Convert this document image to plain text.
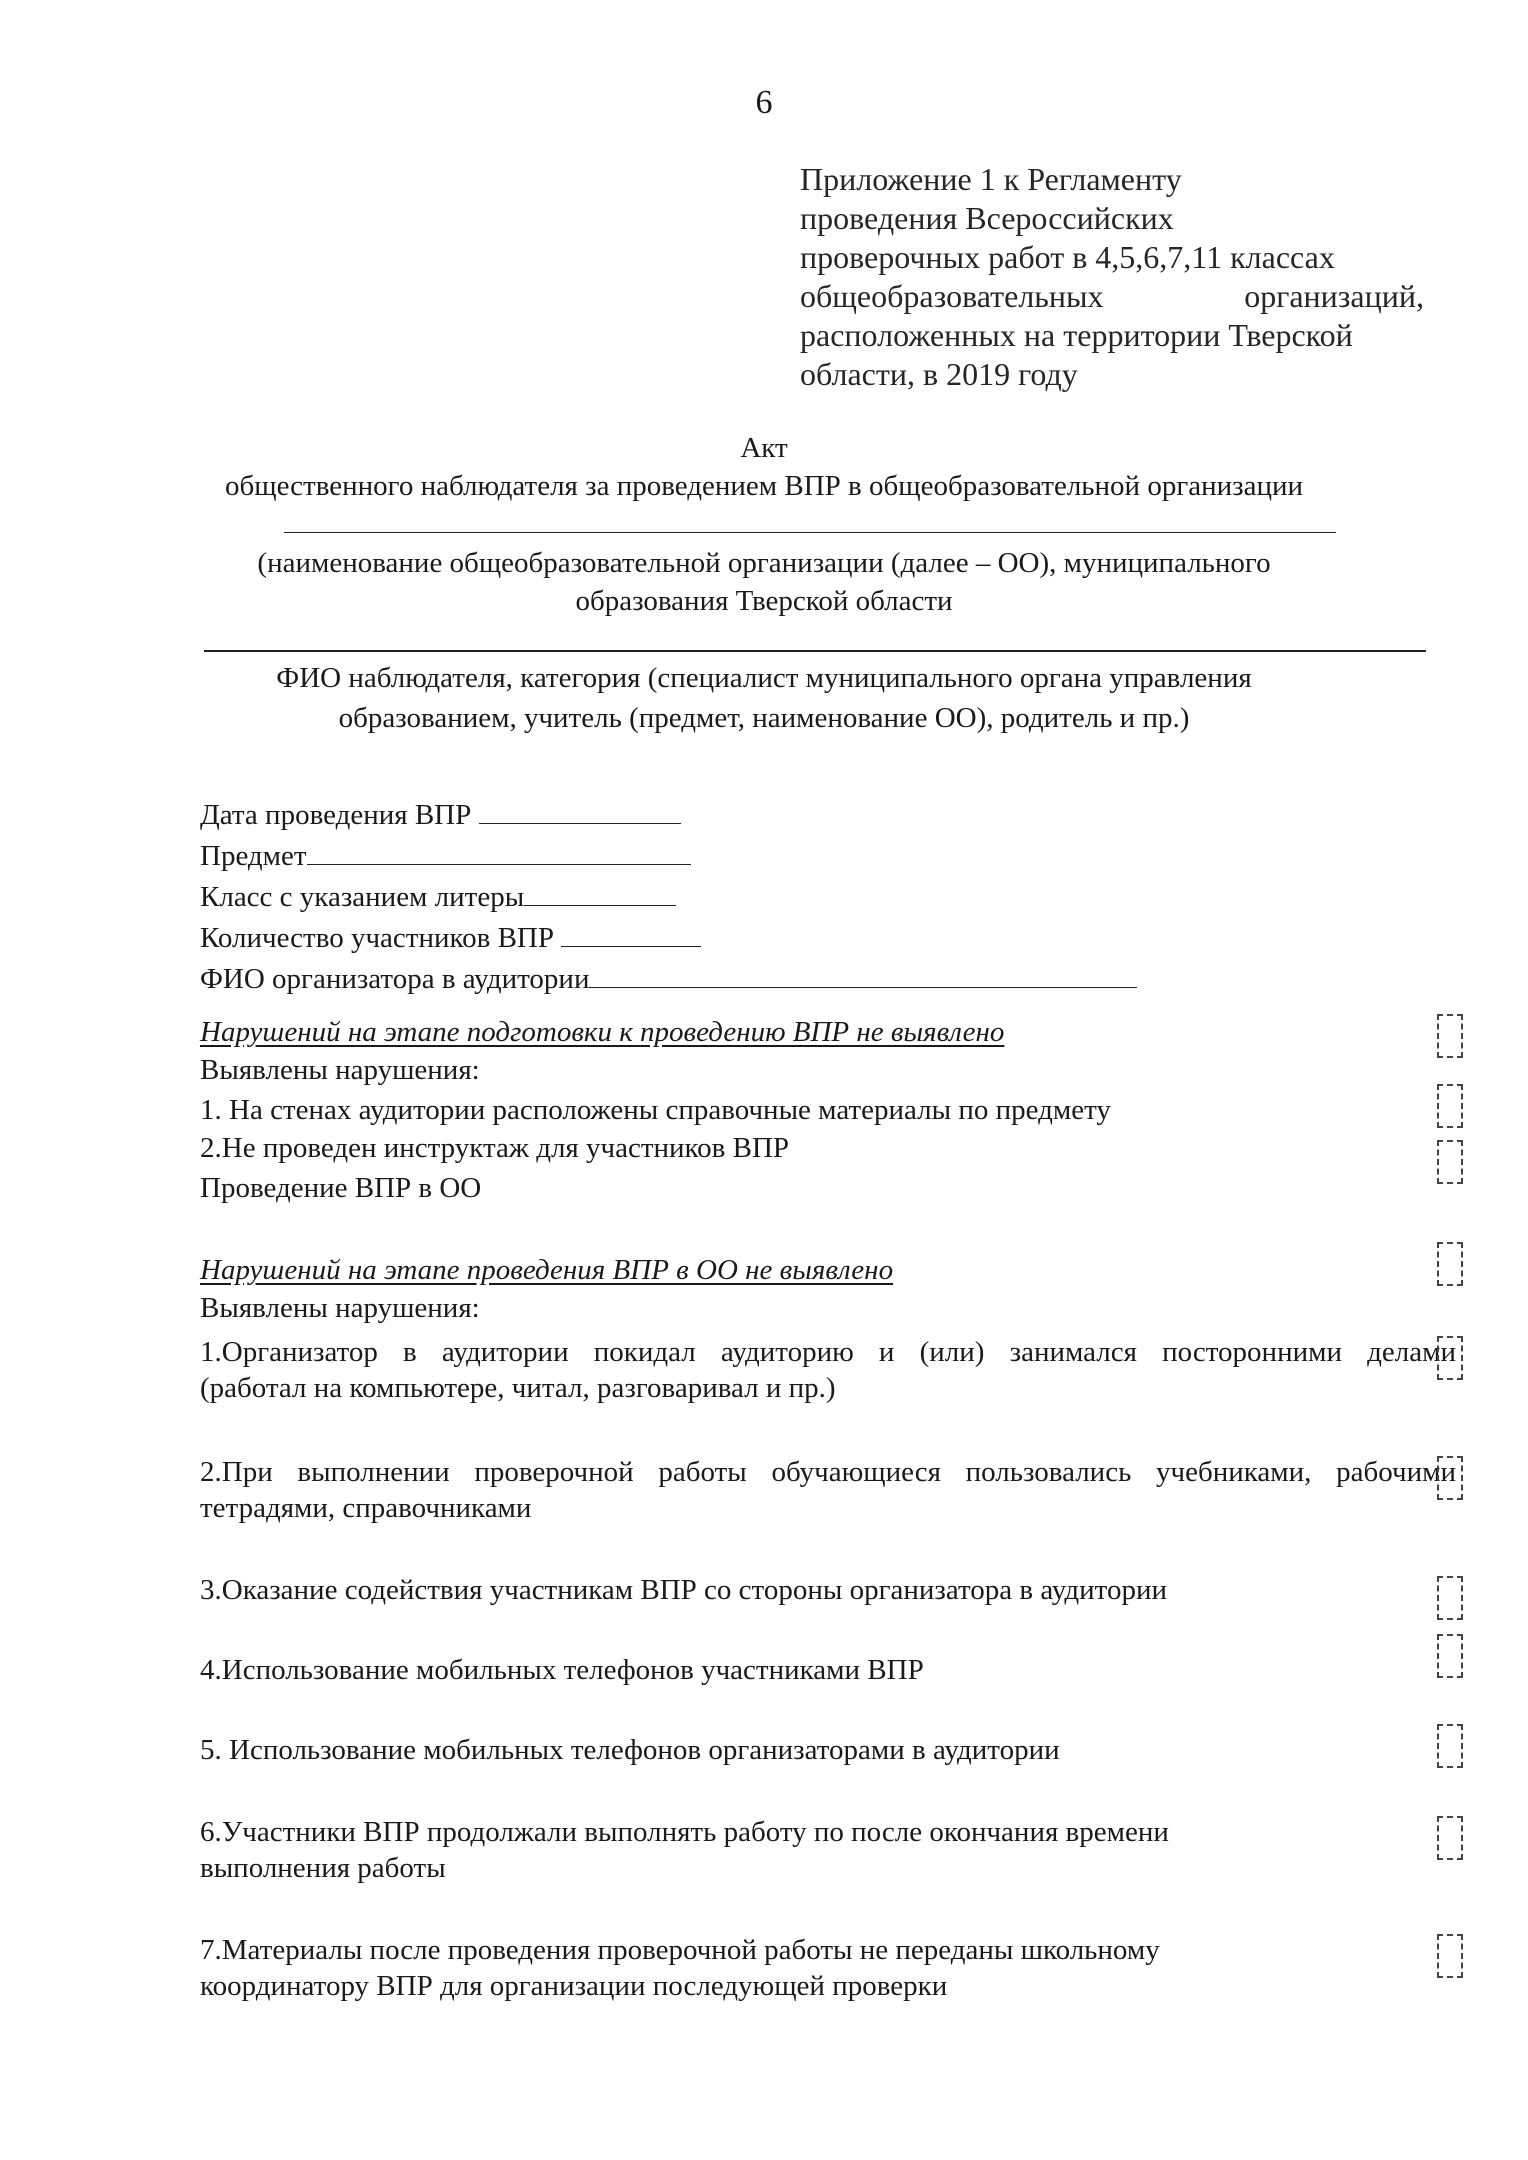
6
Приложение 1 к Регламенту
проведения Всероссийских
проверочных работ в 4,5,6,7,11 классах
общеобразовательных организаций,
расположенных на территории Тверской
области, в 2019 году
Акт
общественного наблюдателя за проведением ВПР в общеобразовательной организации
(наименование общеобразовательной организации (далее – ОО), муниципального
образования Тверской области
ФИО наблюдателя, категория (специалист муниципального органа управления
образованием, учитель (предмет, наименование ОО), родитель и пр.)
Дата проведения ВПР
Предмет
Класс с указанием литеры
Количество участников ВПР
ФИО организатора в аудитории
Нарушений на этапе подготовки к проведению ВПР не выявлено
Выявлены нарушения:
1. На стенах аудитории расположены справочные материалы по предмету
2.Не проведен инструктаж для участников ВПР
Проведение ВПР в ОО
Нарушений на этапе проведения ВПР в ОО не выявлено
Выявлены нарушения:
1.Организатор в аудитории покидал аудиторию и (или) занимался посторонними делами
(работал на компьютере, читал, разговаривал и пр.)
2.При выполнении проверочной работы обучающиеся пользовались учебниками, рабочими
тетрадями, справочниками
3.Оказание содействия участникам ВПР со стороны организатора в аудитории
4.Использование мобильных телефонов участниками ВПР
5. Использование мобильных телефонов организаторами в аудитории
6.Участники ВПР продолжали выполнять работу по после окончания времени
выполнения работы
7.Материалы после проведения проверочной работы не переданы школьному
координатору ВПР для организации последующей проверки
